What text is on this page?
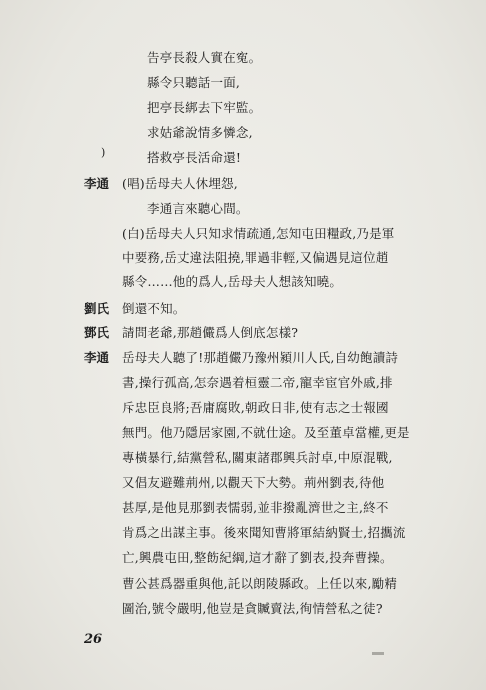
告亭長殺人實在寃。
縣令只聽話一面,
把亭長綁去下牢監。
求姑爺說情多憐念,
搭救亭長活命還!
)
李通 (唱)岳母夫人休埋怨,
李通言來聽心間。
(白)岳母夫人只知求情疏通,怎知屯田糧政,乃是軍
中要務,岳丈違法阻撓,罪過非輕,又偏遇見這位趙
縣令……他的爲人,岳母夫人想該知曉。
劉氏 倒還不知。
鄧氏 請問老爺,那趙儼爲人倒底怎樣?
李通 岳母夫人聽了!那趙儼乃豫州潁川人氏,自幼飽讀詩
書,操行孤高,怎奈遇着桓靈二帝,寵幸宦官外戚,排
斥忠臣良將;吾庸腐敗,朝政日非,使有志之士報國
無門。他乃隱居家園,不就仕途。及至董卓當權,更是
專橫暴行,結黨營私,關東諸郡興兵討卓,中原混戰,
又倡友避難荊州,以觀天下大勢。荊州劉表,待他
甚厚,是他見那劉表懦弱,並非撥亂濟世之主,終不
肯爲之出謀主事。後來聞知曹將軍結納賢士,招攜流
亡,興農屯田,整飭紀綱,這才辭了劉表,投奔曹操。
曹公甚爲器重與他,託以朗陵縣政。上任以來,勵精
圖治,號令嚴明,他豈是貪贓賣法,徇情營私之徒?
26
